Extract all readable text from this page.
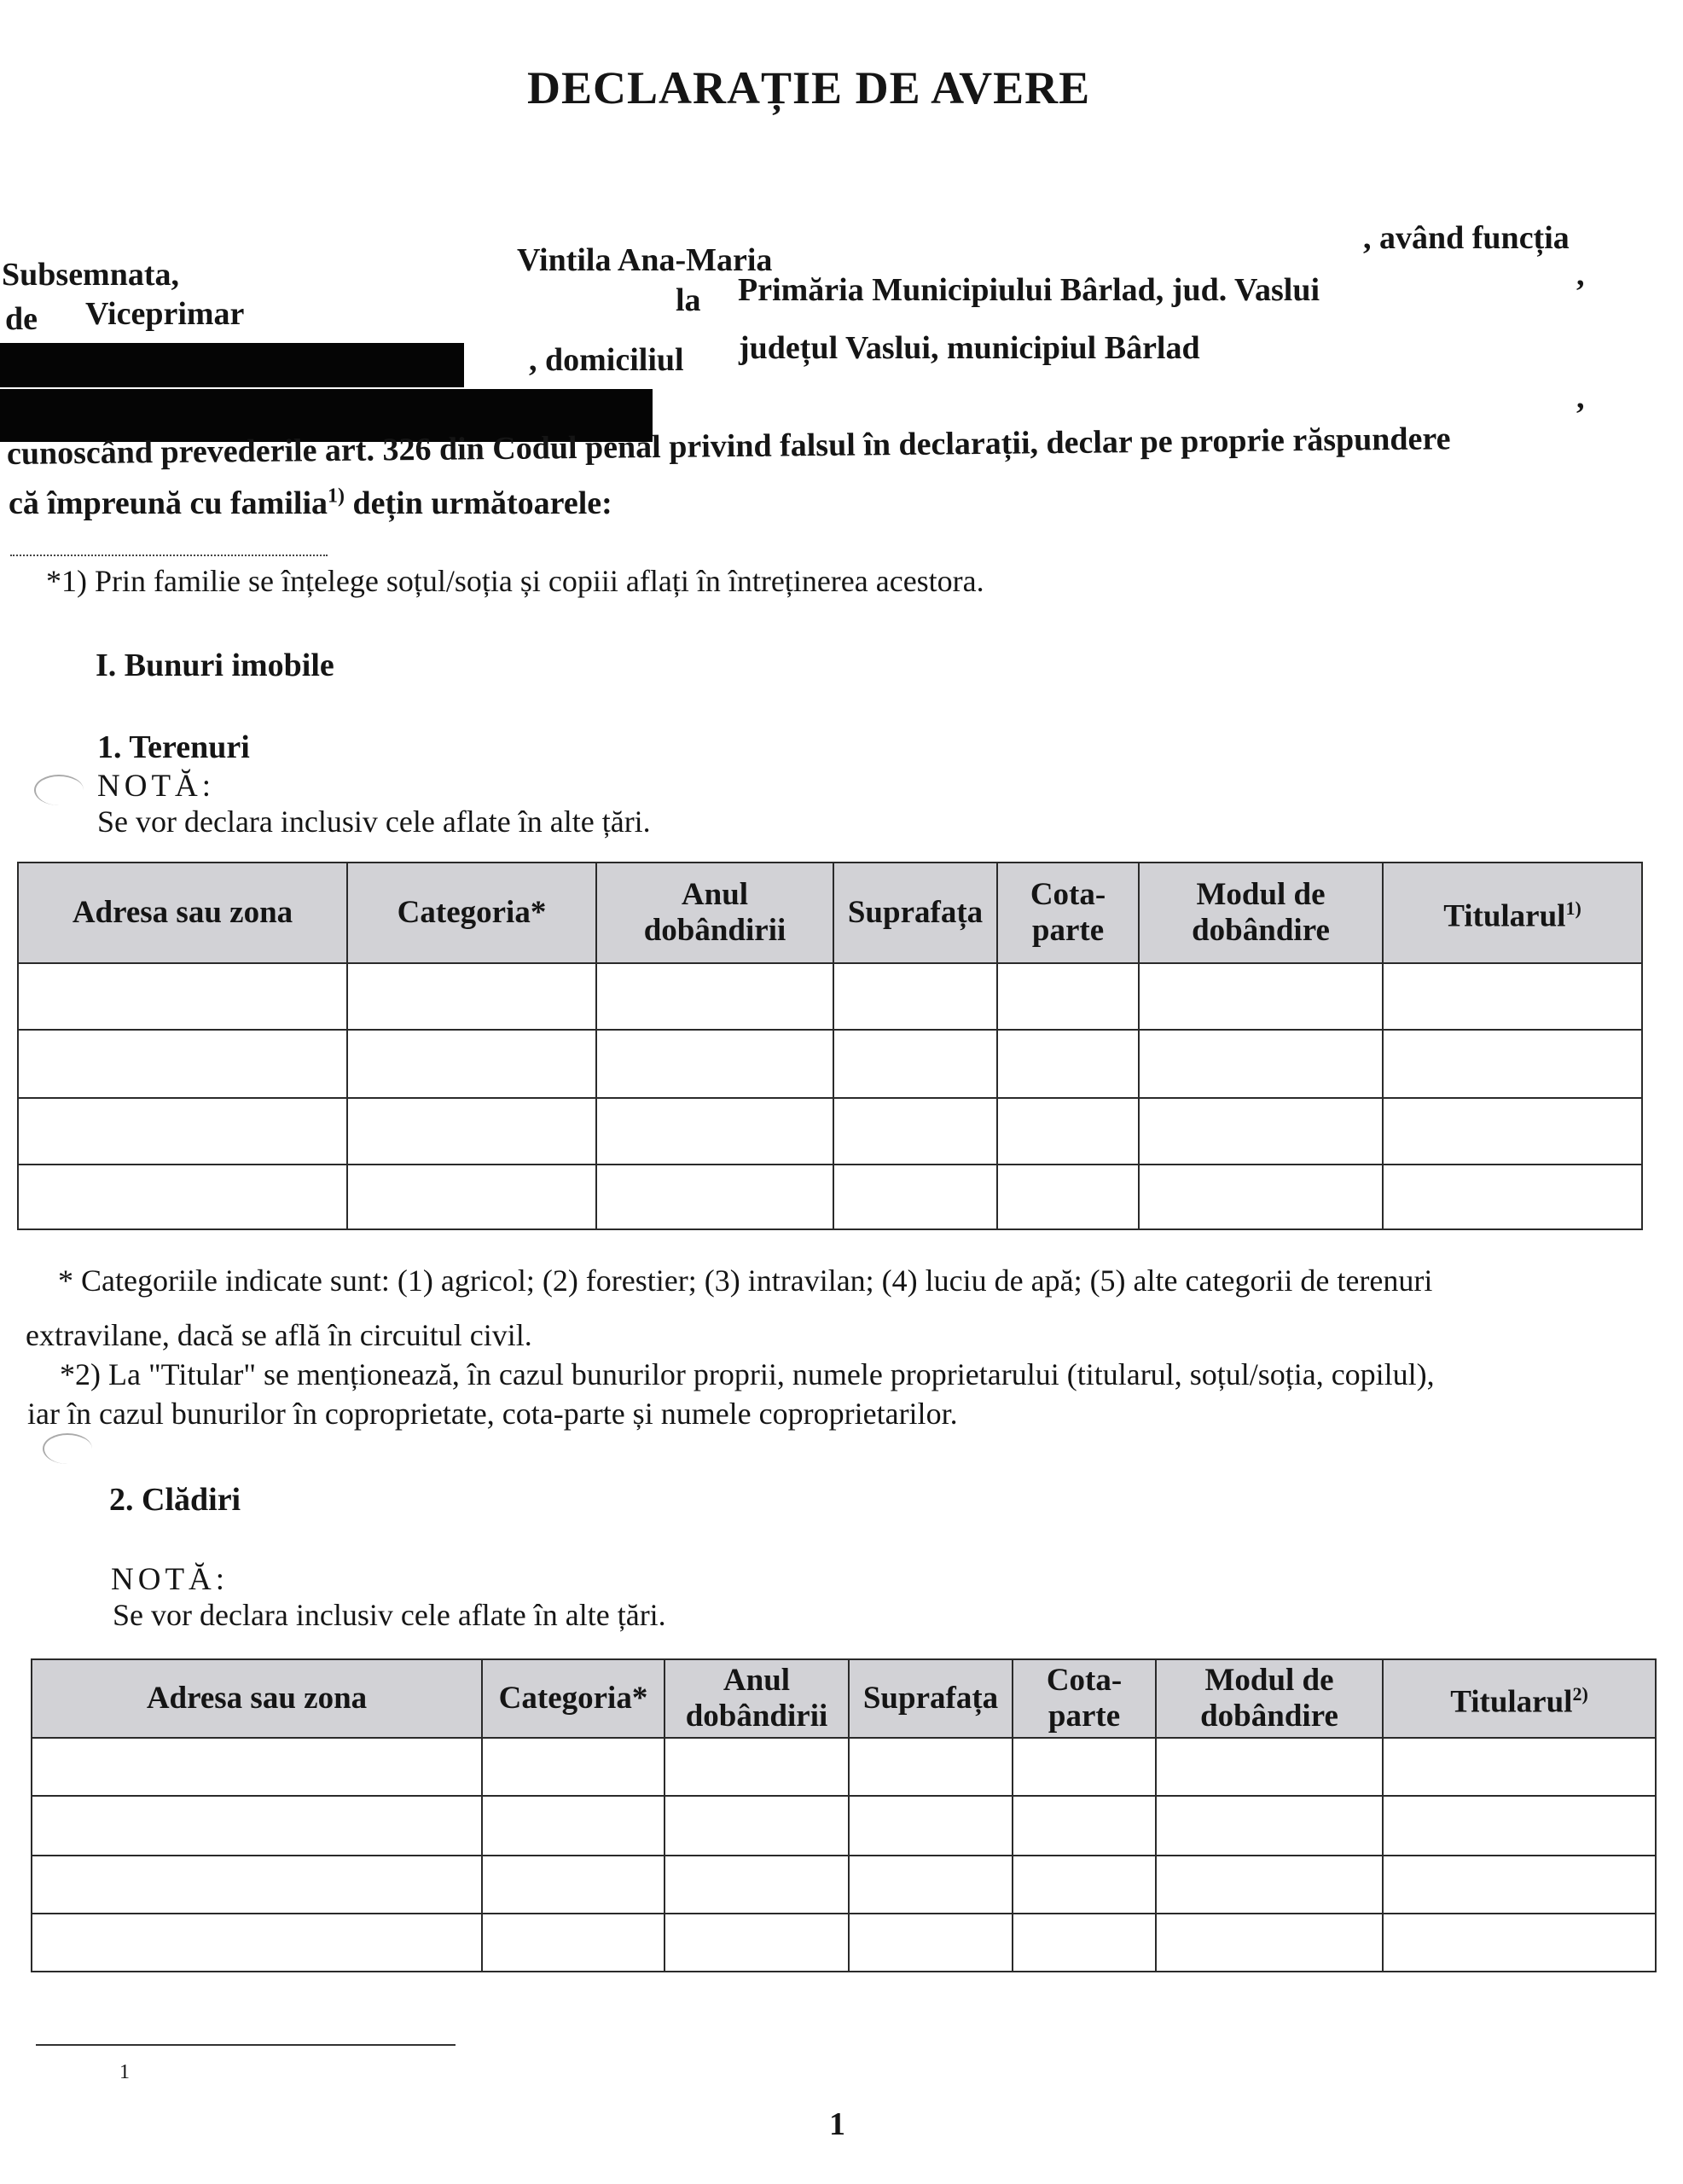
DECLARAȚIE DE AVERE
Subsemnata,	Vintila Ana-Maria
, având funcția
de Viceprimar	la Primăria Municipiului Bârlad, jud. Vaslui	,
, domiciliul județul Vaslui, municipiul Bârlad
,
cunoscând prevederile art. 326 din Codul penal privind falsul în declarații, declar pe propriе răspundere
că împreună cu familia$^{1)}$ dețin următoarele:
*1) Prin familie se înțelege soțul/soția și copiii aflați în întreținerea acestora.
I. Bunuri imobile
1. Terenuri
NOTĂ:
Se vor declara inclusiv cele aflate în alte țări.
Adresa sau zona	Categoria*	Anul dobândirii	Suprafața	Cota-parte	Modul de dobândire	Titularul$^{1)}$

* Categoriile indicate sunt: (1) agricol; (2) forestier; (3) intravilan; (4) luciu de apă; (5) alte categorii de terenuri
extravilane, dacă se află în circuitul civil.
*2) La "Titular" se menționează, în cazul bunurilor proprii, numele proprietarului (titularul, soțul/soția, copilul),
iar în cazul bunurilor în coproprietate, cota-parte și numele coproprietarilor.
2. Clădiri
NOTĂ:
Se vor declara inclusiv cele aflate în alte țări.
Adresa sau zona	Categoria*	Anul dobândirii	Suprafața	Cota-parte	Modul de dobândire	Titularul$^{2)}$

1
1
